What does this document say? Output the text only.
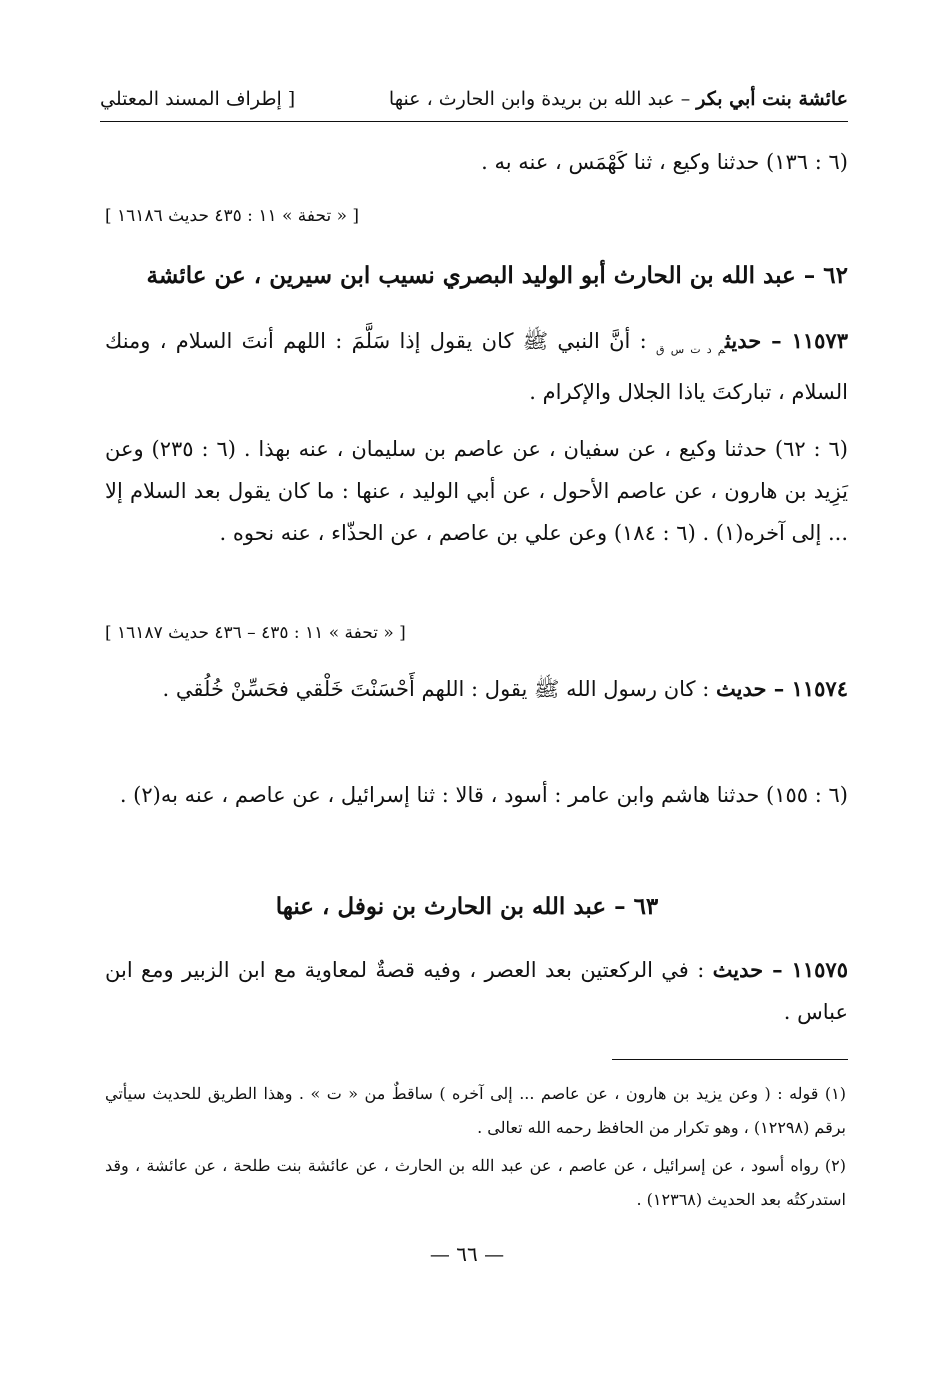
عائشة بنت أبي بكر – عبد الله بن بريدة وابن الحارث ، عنها
[ إطراف المسند المعتلي
(٦ : ١٣٦) حدثنا وكيع ، ثنا كَهْمَس ، عنه به .
[ « تحفة » ١١ : ٤٣٥ حديث ١٦١٨٦ ]
٦٢ – عبد الله بن الحارث أبو الوليد البصري نسيب ابن سيرين ، عن عائشة
١١٥٧٣ – حديث$_{م د ت س ق}$ : أنَّ النبي ﷺ كان يقول إذا سَلَّمَ : اللهم أنتَ السلام ، ومنك السلام ، تباركتَ ياذا الجلال والإكرام .
(٦ : ٦٢) حدثنا وكيع ، عن سفيان ، عن عاصم بن سليمان ، عنه بهذا . (٦ : ٢٣٥) وعن يَزِيد بن هارون ، عن عاصم الأحول ، عن أبي الوليد ، عنها : ما كان يقول بعد السلام إلا ... إلى آخره(١) . (٦ : ١٨٤) وعن علي بن عاصم ، عن الحذّاء ، عنه نحوه .
[ « تحفة » ١١ : ٤٣٥ – ٤٣٦ حديث ١٦١٨٧ ]
١١٥٧٤ – حديث : كان رسول الله ﷺ يقول : اللهم أَحْسَنْتَ خَلْقي فحَسِّنْ خُلُقي .
(٦ : ١٥٥) حدثنا هاشم وابن عامر : أسود ، قالا : ثنا إسرائيل ، عن عاصم ، عنه به(٢) .
٦٣ – عبد الله بن الحارث بن نوفل ، عنها
١١٥٧٥ – حديث : في الركعتين بعد العصر ، وفيه قصةٌ لمعاوية مع ابن الزبير ومع ابن عباس .
(١) قوله : ( وعن يزيد بن هارون ، عن عاصم ... إلى آخره ) ساقطٌ من « ت » . وهذا الطريق للحديث سيأتي برقم (١٢٢٩٨) ، وهو تكرار من الحافظ رحمه الله تعالى .
(٢) رواه أسود ، عن إسرائيل ، عن عاصم ، عن عبد الله بن الحارث ، عن عائشة بنت طلحة ، عن عائشة ، وقد استدركتُه بعد الحديث (١٢٣٦٨) .
— ٦٦ —
